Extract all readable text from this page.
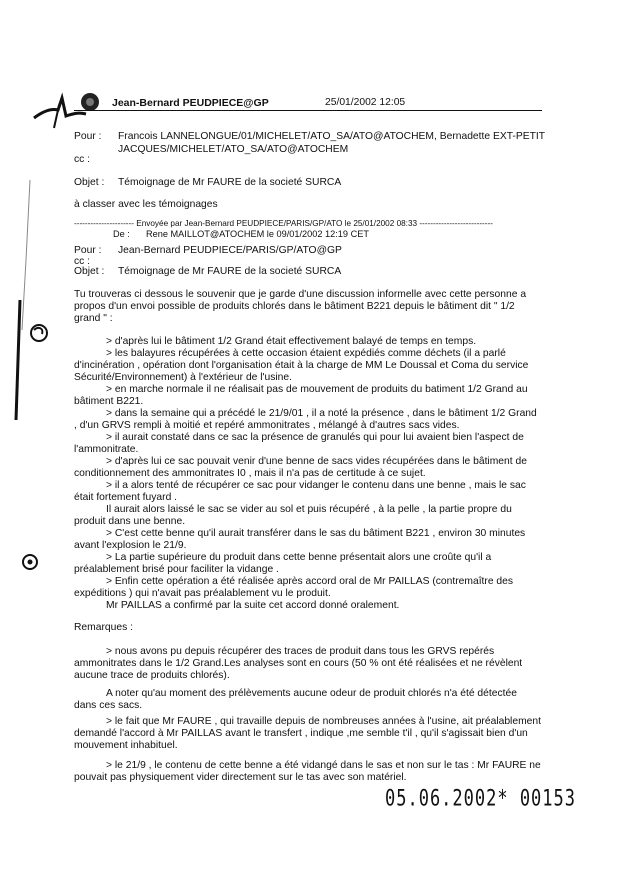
Jean-Bernard PEUDPIECE@GP	25/01/2002 12:05
Pour : Francois LANNELONGUE/01/MICHELET/ATO_SA/ATO@ATOCHEM, Bernadette EXT-PETIT
JACQUES/MICHELET/ATO_SA/ATO@ATOCHEM
cc :
Objet : Témoignage de Mr FAURE de la societé SURCA
à classer avec les témoignages
---------------------- Envoyée par Jean-Bernard PEUDPIECE/PARIS/GP/ATO le 25/01/2002 08:33 ---------------------------
De : Rene MAILLOT@ATOCHEM le 09/01/2002 12:19 CET
Pour : Jean-Bernard PEUDPIECE/PARIS/GP/ATO@GP
cc :
Objet : Témoignage de Mr FAURE de la societé SURCA
Tu trouveras ci dessous le souvenir que je garde d'une discussion informelle avec cette personne a propos d'un envoi possible de produits chlorés dans le bâtiment B221 depuis le bâtiment dit " 1/2 grand " :
> d'après lui le bâtiment 1/2 Grand était effectivement balayé de temps en temps.
> les balayures récupérées à cette occasion étaient expédiés comme déchets (il a parlé d'incinération , opération dont l'organisation était à la charge de MM Le Doussal et Coma du service Sécurité/Environnement) à l'extérieur de l'usine.
> en marche normale il ne réalisait pas de mouvement de produits du batiment 1/2 Grand au bâtiment B221.
> dans la semaine qui a précédé le 21/9/01 , il a noté la présence , dans le bâtiment 1/2 Grand , d'un GRVS rempli à moitié et repéré ammonitrates , mélangé à d'autres sacs vides.
> il aurait constaté dans ce sac la présence de granulés qui pour lui avaient bien l'aspect de l'ammonitrate.
> d'après lui ce sac pouvait venir d'une benne de sacs vides récupérées dans le bâtiment de conditionnement des ammonitrates I0 , mais il n'a pas de certitude à ce sujet.
> il a alors tenté de récupérer ce sac pour vidanger le contenu dans une benne , mais le sac était fortement fuyard .
Il aurait alors laissé le sac se vider au sol et puis récupéré , à la pelle , la partie propre du produit dans une benne.
> C'est cette benne qu'il aurait transférer dans le sas du bâtiment B221 , environ 30 minutes avant l'explosion le 21/9.
> La partie supérieure du produit dans cette benne présentait alors une croûte qu'il a préalablement brisé pour faciliter la vidange .
> Enfin cette opération a été réalisée après accord oral de Mr PAILLAS (contremaître des expéditions ) qui n'avait pas préalablement vu le produit.
Mr PAILLAS a confirmé par la suite cet accord donné oralement.
Remarques :
> nous avons pu depuis récupérer des traces de produit dans tous les GRVS repérés ammonitrates dans le 1/2 Grand.Les analyses sont en cours (50 % ont été réalisées et ne révèlent aucune trace de produits chlorés).
A noter qu'au moment des prélèvements aucune odeur de produit chlorés n'a été détectée dans ces sacs.
> le fait que Mr FAURE , qui travaille depuis de nombreuses années à l'usine, ait préalablement demandé l'accord à Mr PAILLAS avant le transfert , indique ,me semble t'il , qu'il s'agissait bien d'un mouvement inhabituel.
> le 21/9 , le contenu de cette benne a été vidangé dans le sas et non sur le tas : Mr FAURE ne pouvait pas physiquement vider directement sur le tas avec son matériel.
05.06.2002* 00153
